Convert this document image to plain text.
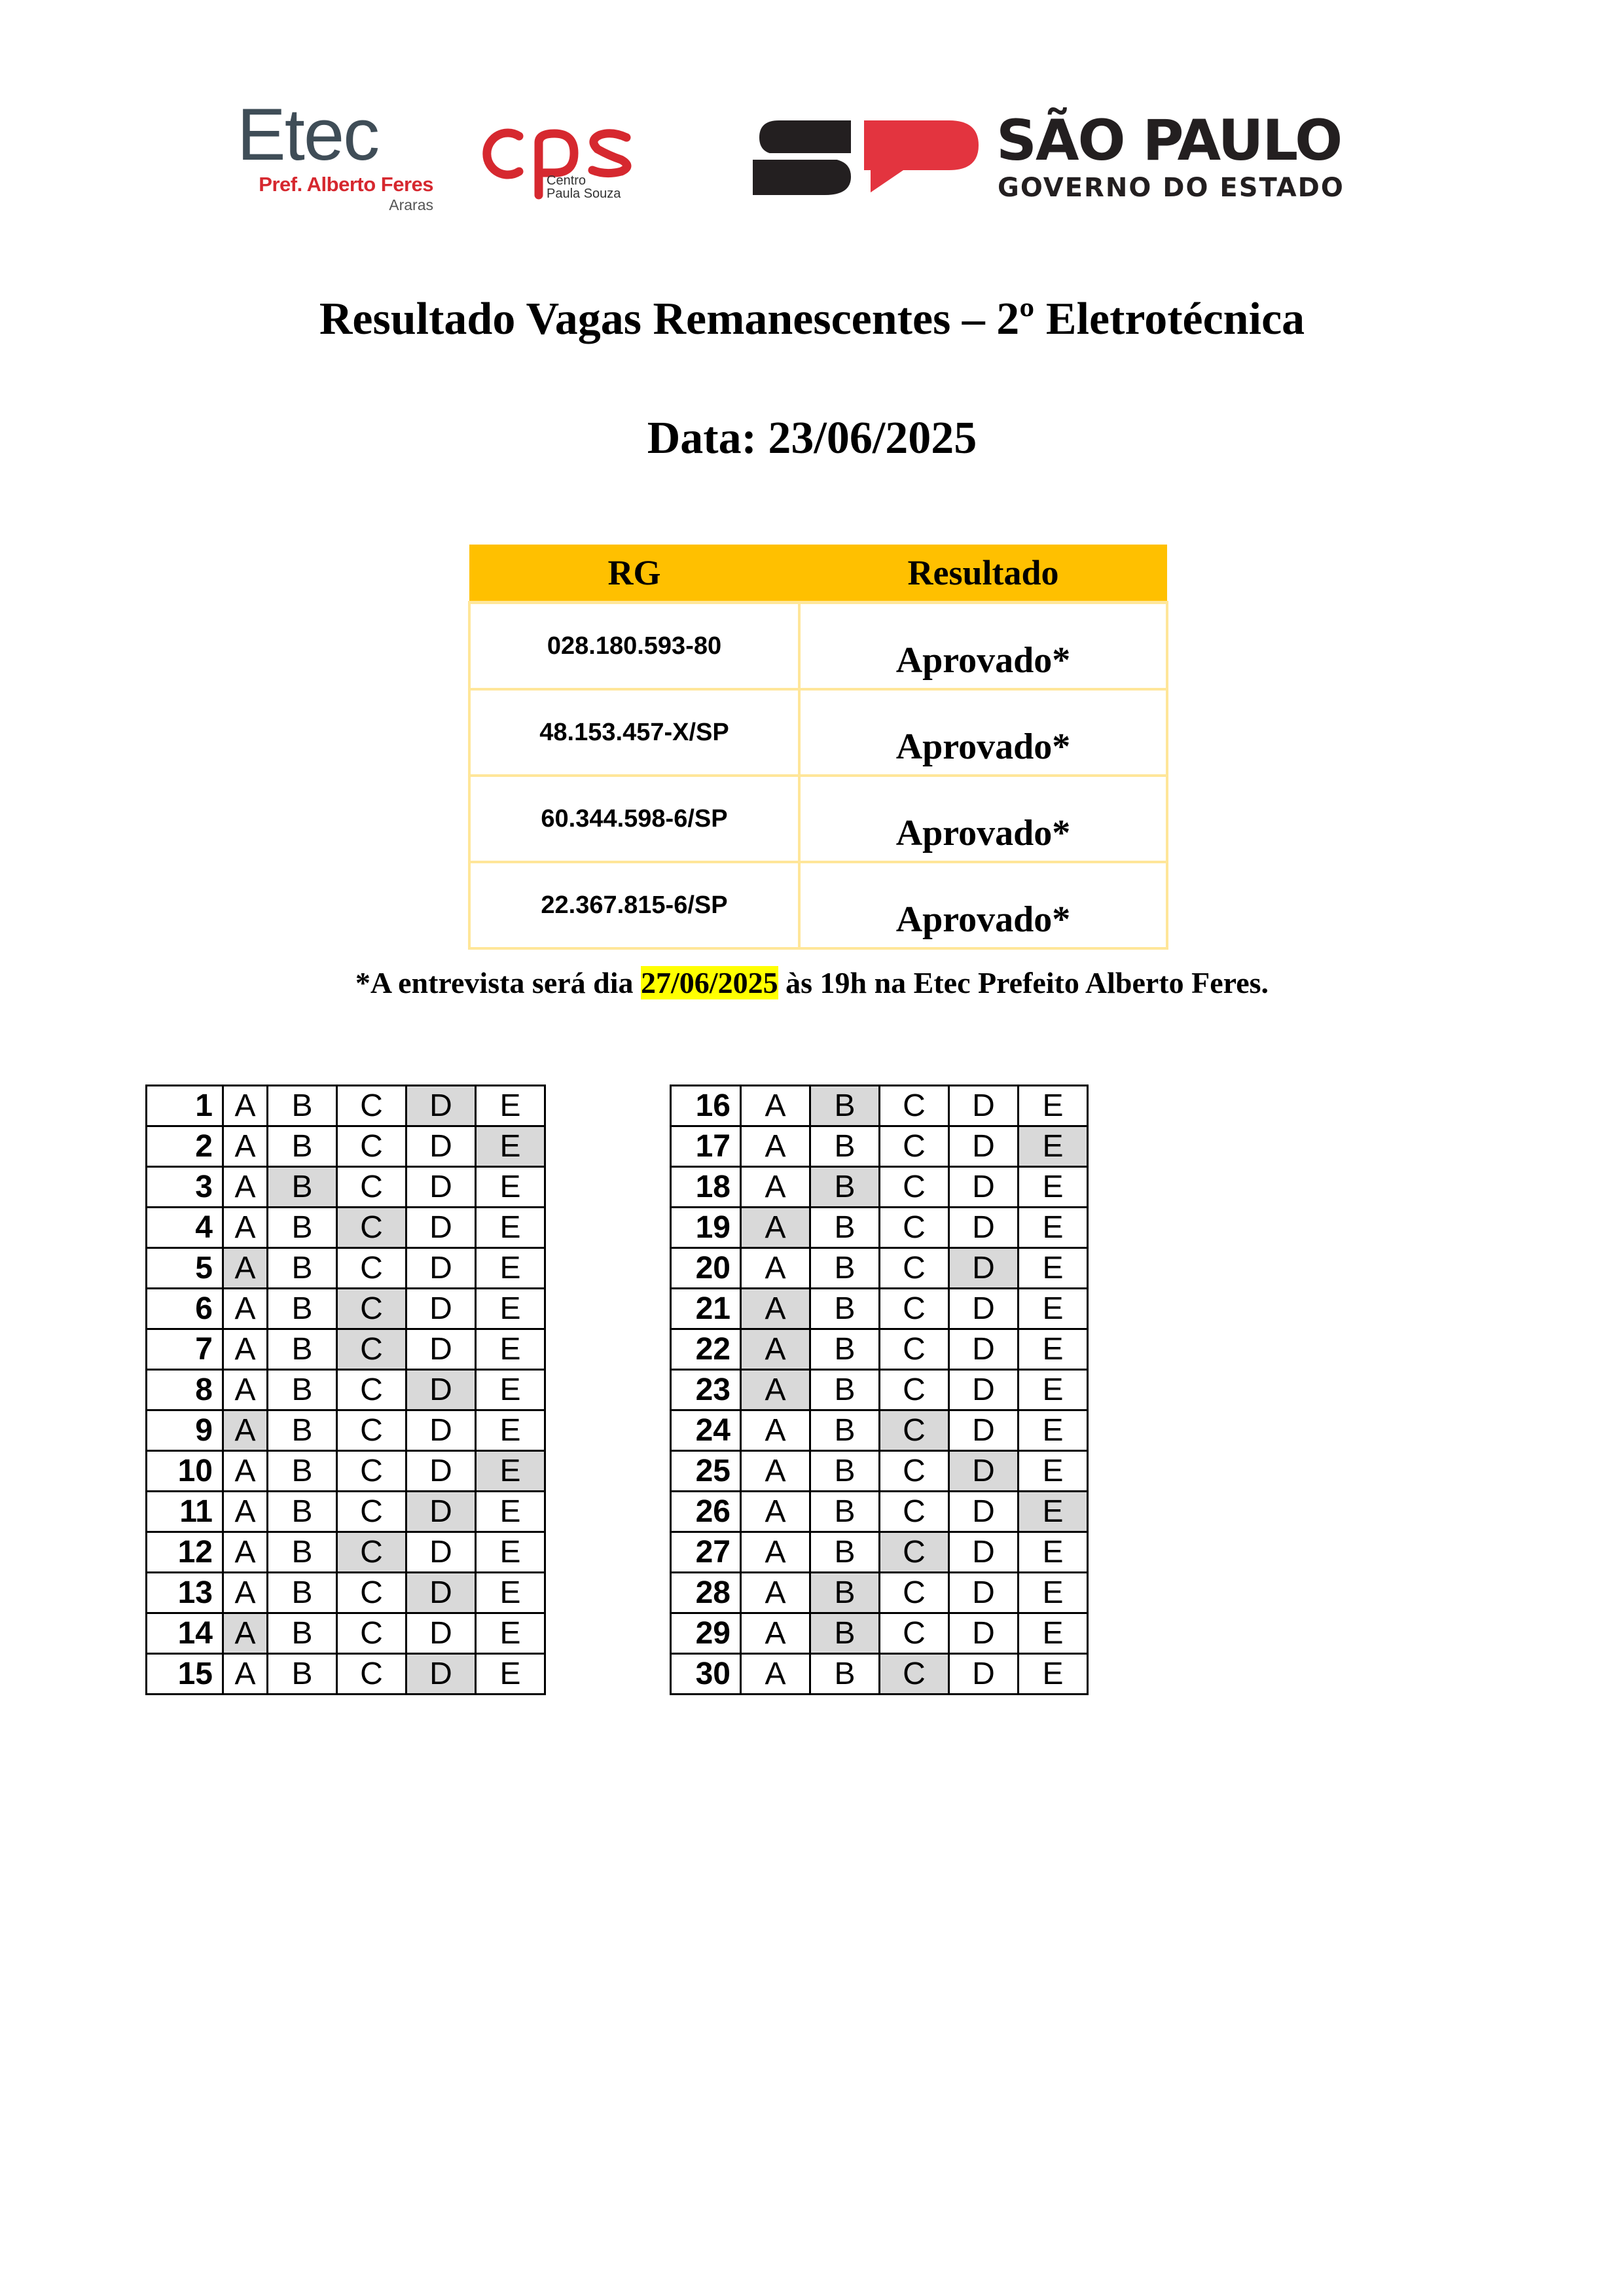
Etec
Pref. Alberto Feres
Araras
Centro
Paula Souza
SÃO PAULO
GOVERNO DO ESTADO
Resultado Vagas Remanescentes – 2º Eletrotécnica
Data: 23/06/2025
RG	Resultado
028.180.593-80	Aprovado*
48.153.457-X/SP	Aprovado*
60.344.598-6/SP	Aprovado*
22.367.815-6/SP	Aprovado*
*A entrevista será dia 27/06/2025 às 19h na Etec Prefeito Alberto Feres.
1	A	B	C	D	E
2	A	B	C	D	E
3	A	B	C	D	E
4	A	B	C	D	E
5	A	B	C	D	E
6	A	B	C	D	E
7	A	B	C	D	E
8	A	B	C	D	E
9	A	B	C	D	E
10	A	B	C	D	E
11	A	B	C	D	E
12	A	B	C	D	E
13	A	B	C	D	E
14	A	B	C	D	E
15	A	B	C	D	E
16	A	B	C	D	E
17	A	B	C	D	E
18	A	B	C	D	E
19	A	B	C	D	E
20	A	B	C	D	E
21	A	B	C	D	E
22	A	B	C	D	E
23	A	B	C	D	E
24	A	B	C	D	E
25	A	B	C	D	E
26	A	B	C	D	E
27	A	B	C	D	E
28	A	B	C	D	E
29	A	B	C	D	E
30	A	B	C	D	E
